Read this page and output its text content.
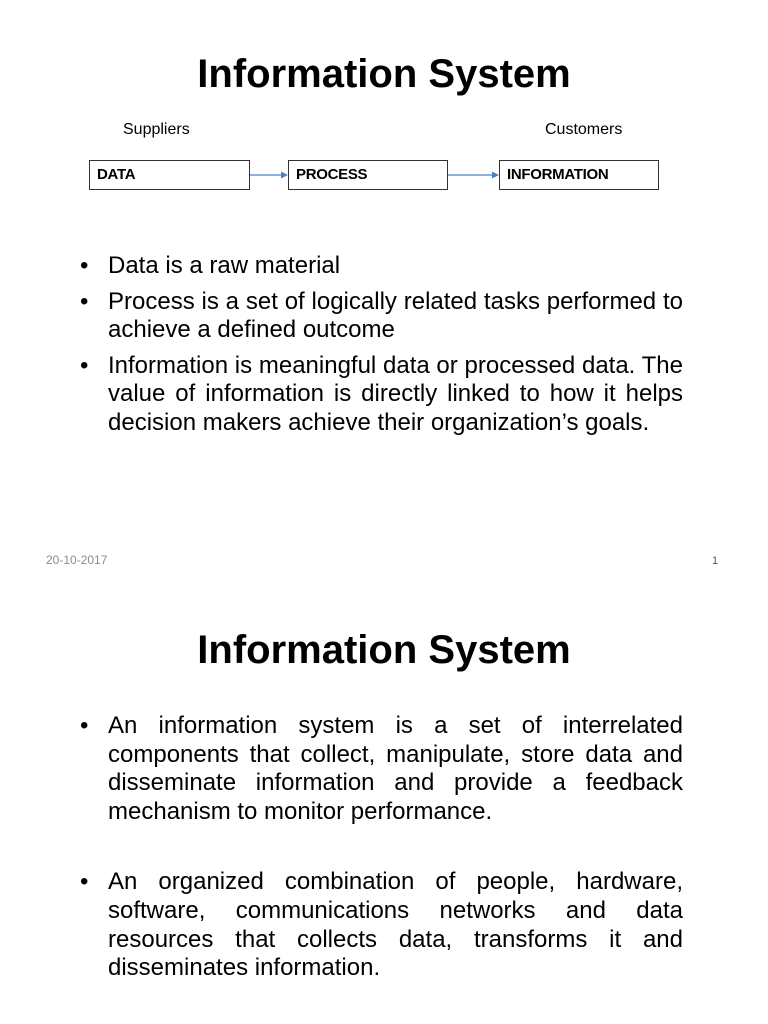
Information System
Suppliers	Customers
DATA	PROCESS	INFORMATION
• Data is a raw material
• Process is a set of logically related tasks performed to achieve a defined outcome
• Information is meaningful data or processed data. The value of information is directly linked to how it helps decision makers achieve their organization’s goals.
20-10-2017	1
Information System
• An information system is a set of interrelated components that collect, manipulate, store data and disseminate information and provide a feedback mechanism to monitor performance.
• An organized combination of people, hardware, software, communications networks and data resources that collects data, transforms it and disseminates information.
